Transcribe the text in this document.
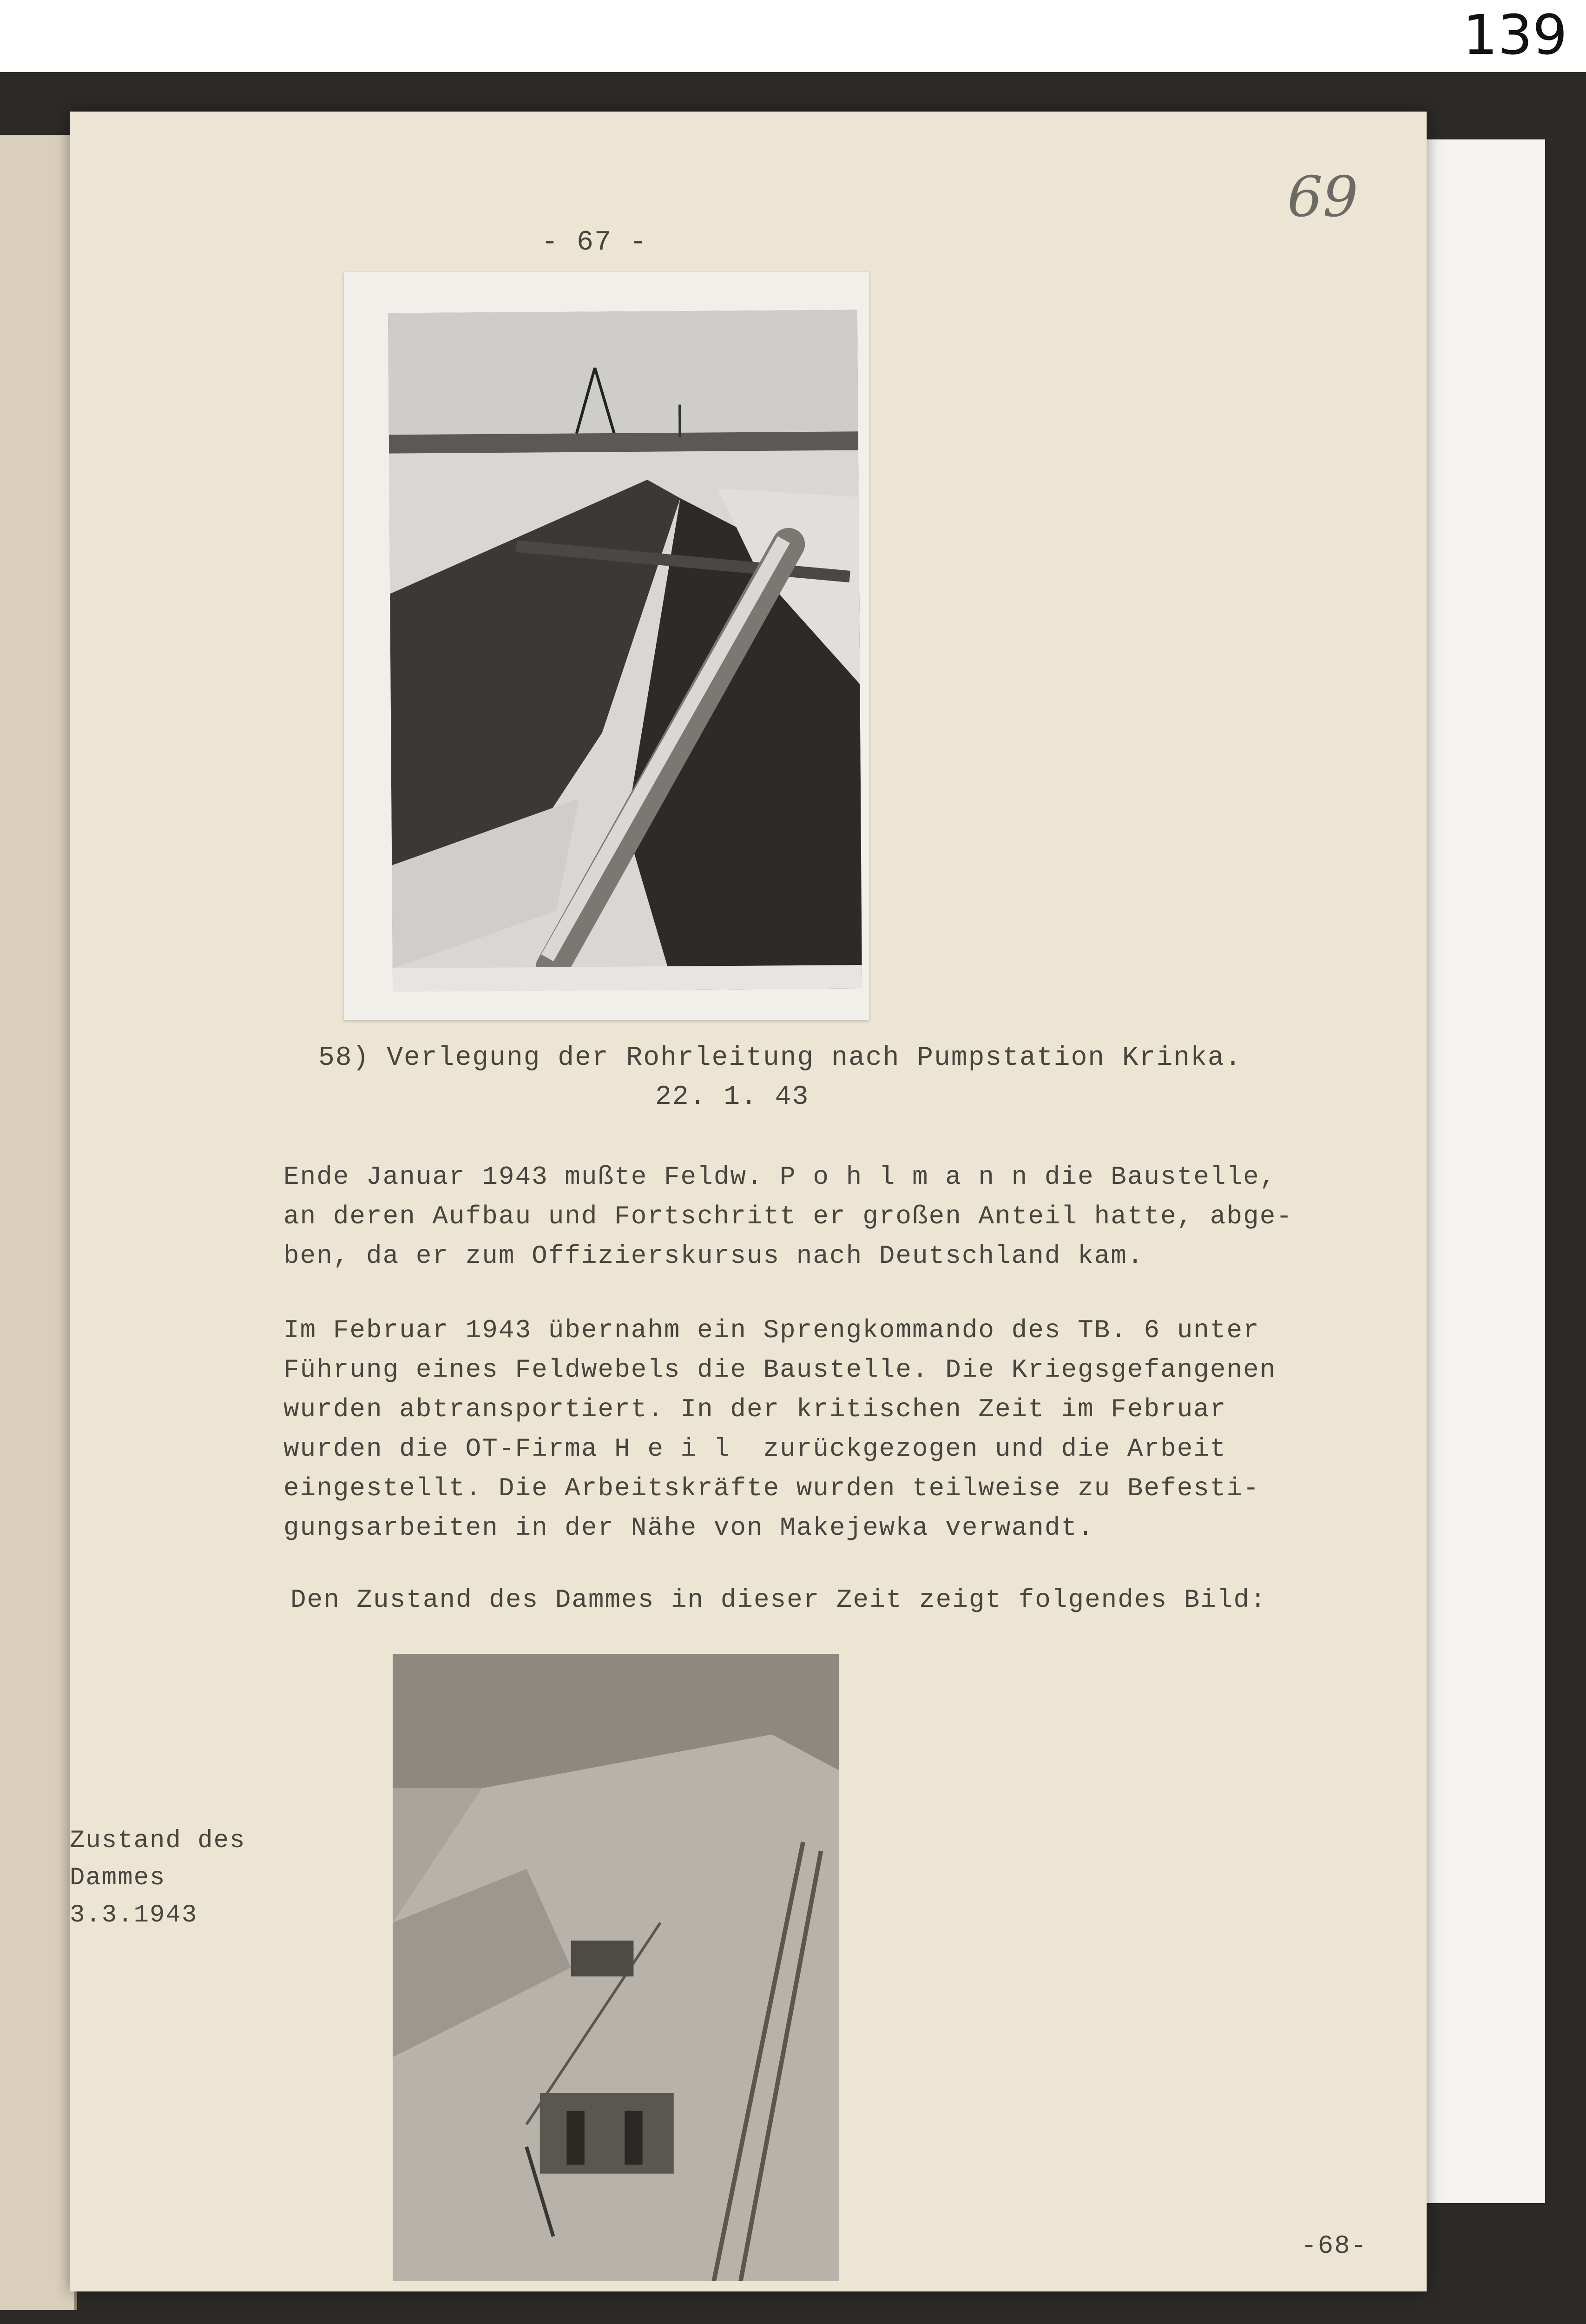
139
- 67 -
69
58) Verlegung der Rohrleitung nach Pumpstation Krinka.
22. 1. 43
Ende Januar 1943 mußte Feldw. P o h l m a n n die Baustelle,
an deren Aufbau und Fortschritt er großen Anteil hatte, abge-
ben, da er zum Offizierskursus nach Deutschland kam.
Im Februar 1943 übernahm ein Sprengkommando des TB. 6 unter
Führung eines Feldwebels die Baustelle. Die Kriegsgefangenen
wurden abtransportiert. In der kritischen Zeit im Februar
wurden die OT-Firma H e i l  zurückgezogen und die Arbeit
eingestellt. Die Arbeitskräfte wurden teilweise zu Befesti-
gungsarbeiten in der Nähe von Makejewka verwandt.
Den Zustand des Dammes in dieser Zeit zeigt folgendes Bild:
Zustand des
Dammes
3.3.1943
-68-
